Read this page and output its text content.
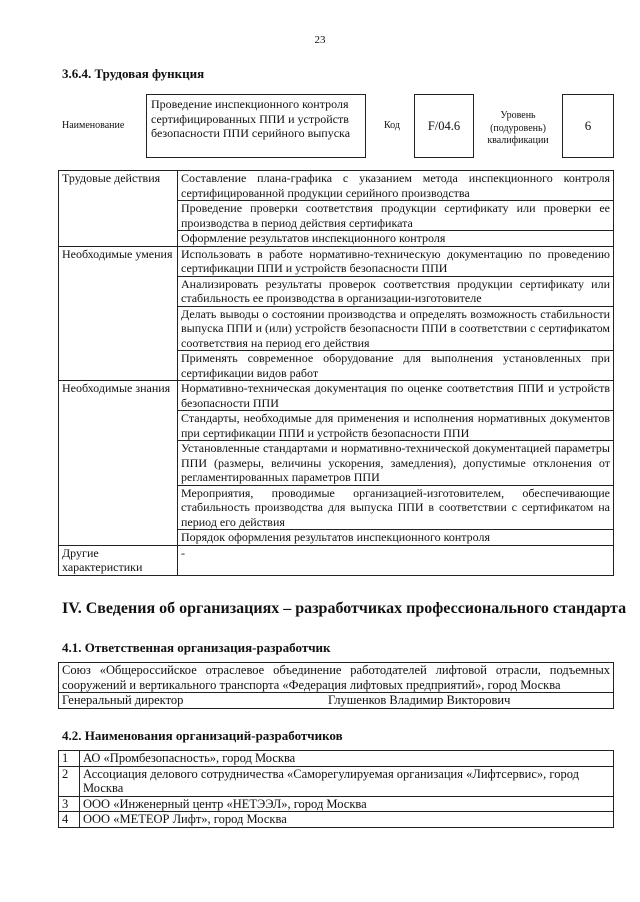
23
3.6.4. Трудовая функция
Наименование
Проведение инспекционного контроля сертифицированных ППИ и устройств безопасности ППИ серийного выпуска
Код	F/04.6
Уровень (подуровень) квалификации
6
Трудовые действия	Составление плана-графика с указанием метода инспекционного контроля сертифицированной продукции серийного производства
	Проведение проверки соответствия продукции сертификату или проверки ее производства в период действия сертификата
	Оформление результатов инспекционного контроля
Необходимые умения	Использовать в работе нормативно-техническую документацию по проведению сертификации ППИ и устройств безопасности ППИ
	Анализировать результаты проверок соответствия продукции сертификату или стабильность ее производства в организации-изготовителе
	Делать выводы о состоянии производства и определять возможность стабильности выпуска ППИ и (или) устройств безопасности ППИ в соответствии с сертификатом соответствия на период его действия
	Применять современное оборудование для выполнения установленных при сертификации видов работ
Необходимые знания	Нормативно-техническая документация по оценке соответствия ППИ и устройств безопасности ППИ
	Стандарты, необходимые для применения и исполнения нормативных документов при сертификации ППИ и устройств безопасности ППИ
	Установленные стандартами и нормативно-технической документацией параметры ППИ (размеры, величины ускорения, замедления), допустимые отклонения от регламентированных параметров ППИ
	Мероприятия, проводимые организацией-изготовителем, обеспечивающие стабильность производства для выпуска ППИ в соответствии с сертификатом на период его действия
	Порядок оформления результатов инспекционного контроля
Другие характеристики	-
IV. Сведения об организациях – разработчиках профессионального стандарта
4.1. Ответственная организация-разработчик
Союз «Общероссийское отраслевое объединение работодателей лифтовой отрасли, подъемных сооружений и вертикального транспорта «Федерация лифтовых предприятий», город Москва

Генеральный директор	Глушенков Владимир Викторович
4.2. Наименования организаций-разработчиков
1	АО «Промбезопасность», город Москва
2	Ассоциация делового сотрудничества «Саморегулируемая организация «Лифтсервис», город Москва
3	ООО «Инженерный центр «НЕТЭЭЛ», город Москва
4	ООО «МЕТЕОР Лифт», город Москва
